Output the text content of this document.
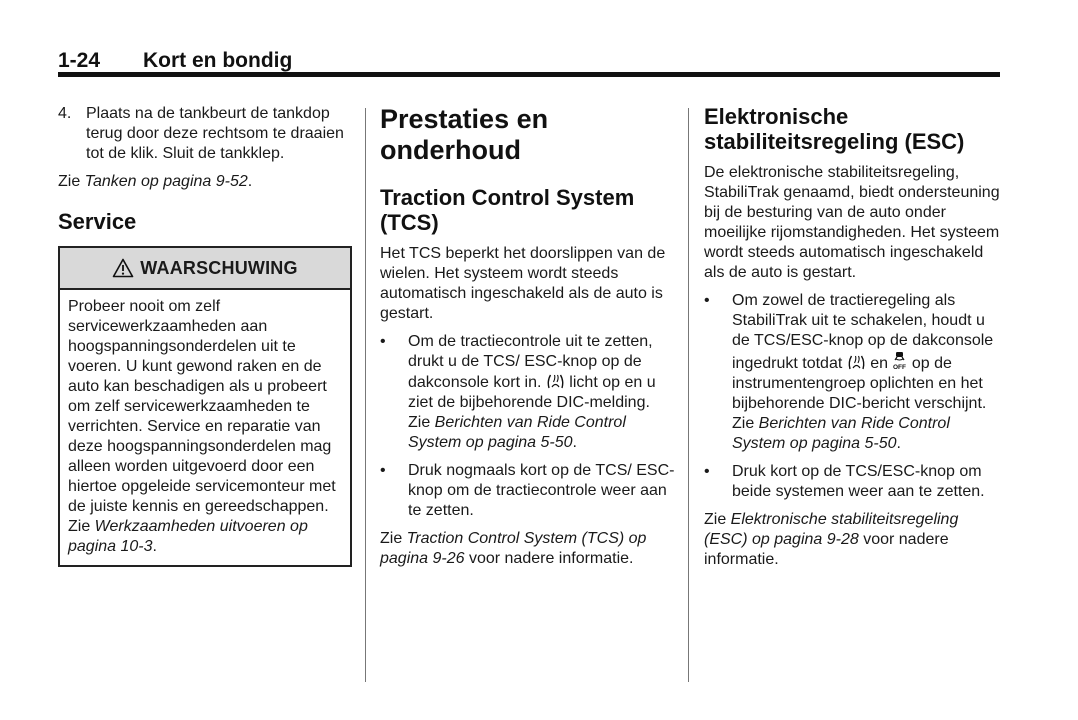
1-24 Kort en bondig
4. Plaats na de tankbeurt de tankdop terug door deze rechtsom te draaien tot de klik. Sluit de tankklep.

Zie Tanken op pagina 9-52.

Service
WAARSCHUWING
Probeer nooit om zelf servicewerkzaamheden aan hoogspanningsonderdelen uit te voeren. U kunt gewond raken en de auto kan beschadigen als u probeert om zelf servicewerkzaamheden te verrichten. Service en reparatie van deze hoogspanningsonderdelen mag alleen worden uitgevoerd door een hiertoe opgeleide servicemonteur met de juiste kennis en gereedschappen. Zie Werkzaamheden uitvoeren op pagina 10-3.
Prestaties en onderhoud
Traction Control System (TCS)

Het TCS beperkt het doorslippen van de wielen. Het systeem wordt steeds automatisch ingeschakeld als de auto is gestart.

• Om de tractiecontrole uit te zetten, drukt u de TCS/ ESC-knop op de dakconsole kort in.  licht op en u ziet de bijbehorende DIC-melding. Zie Berichten van Ride Control System op pagina 5-50.
• Druk nogmaals kort op de TCS/ ESC-knop om de tractiecontrole weer aan te zetten.

Zie Traction Control System (TCS) op pagina 9-26 voor nadere informatie.

Elektronische stabiliteitsregeling (ESC)

De elektronische stabiliteitsregeling, StabiliTrak genaamd, biedt ondersteuning bij de besturing van de auto onder moeilijke rijomstandigheden. Het systeem wordt steeds automatisch ingeschakeld als de auto is gestart.

• Om zowel de tractieregeling als StabiliTrak uit te schakelen, houdt u de TCS/ESC-knop op de dakconsole ingedrukt totdat  en OFF op de instrumentengroep oplichten en het bijbehorende DIC-bericht verschijnt. Zie Berichten van Ride Control System op pagina 5-50.
• Druk kort op de TCS/ESC-knop om beide systemen weer aan te zetten.

Zie Elektronische stabiliteitsregeling (ESC) op pagina 9-28 voor nadere informatie.
